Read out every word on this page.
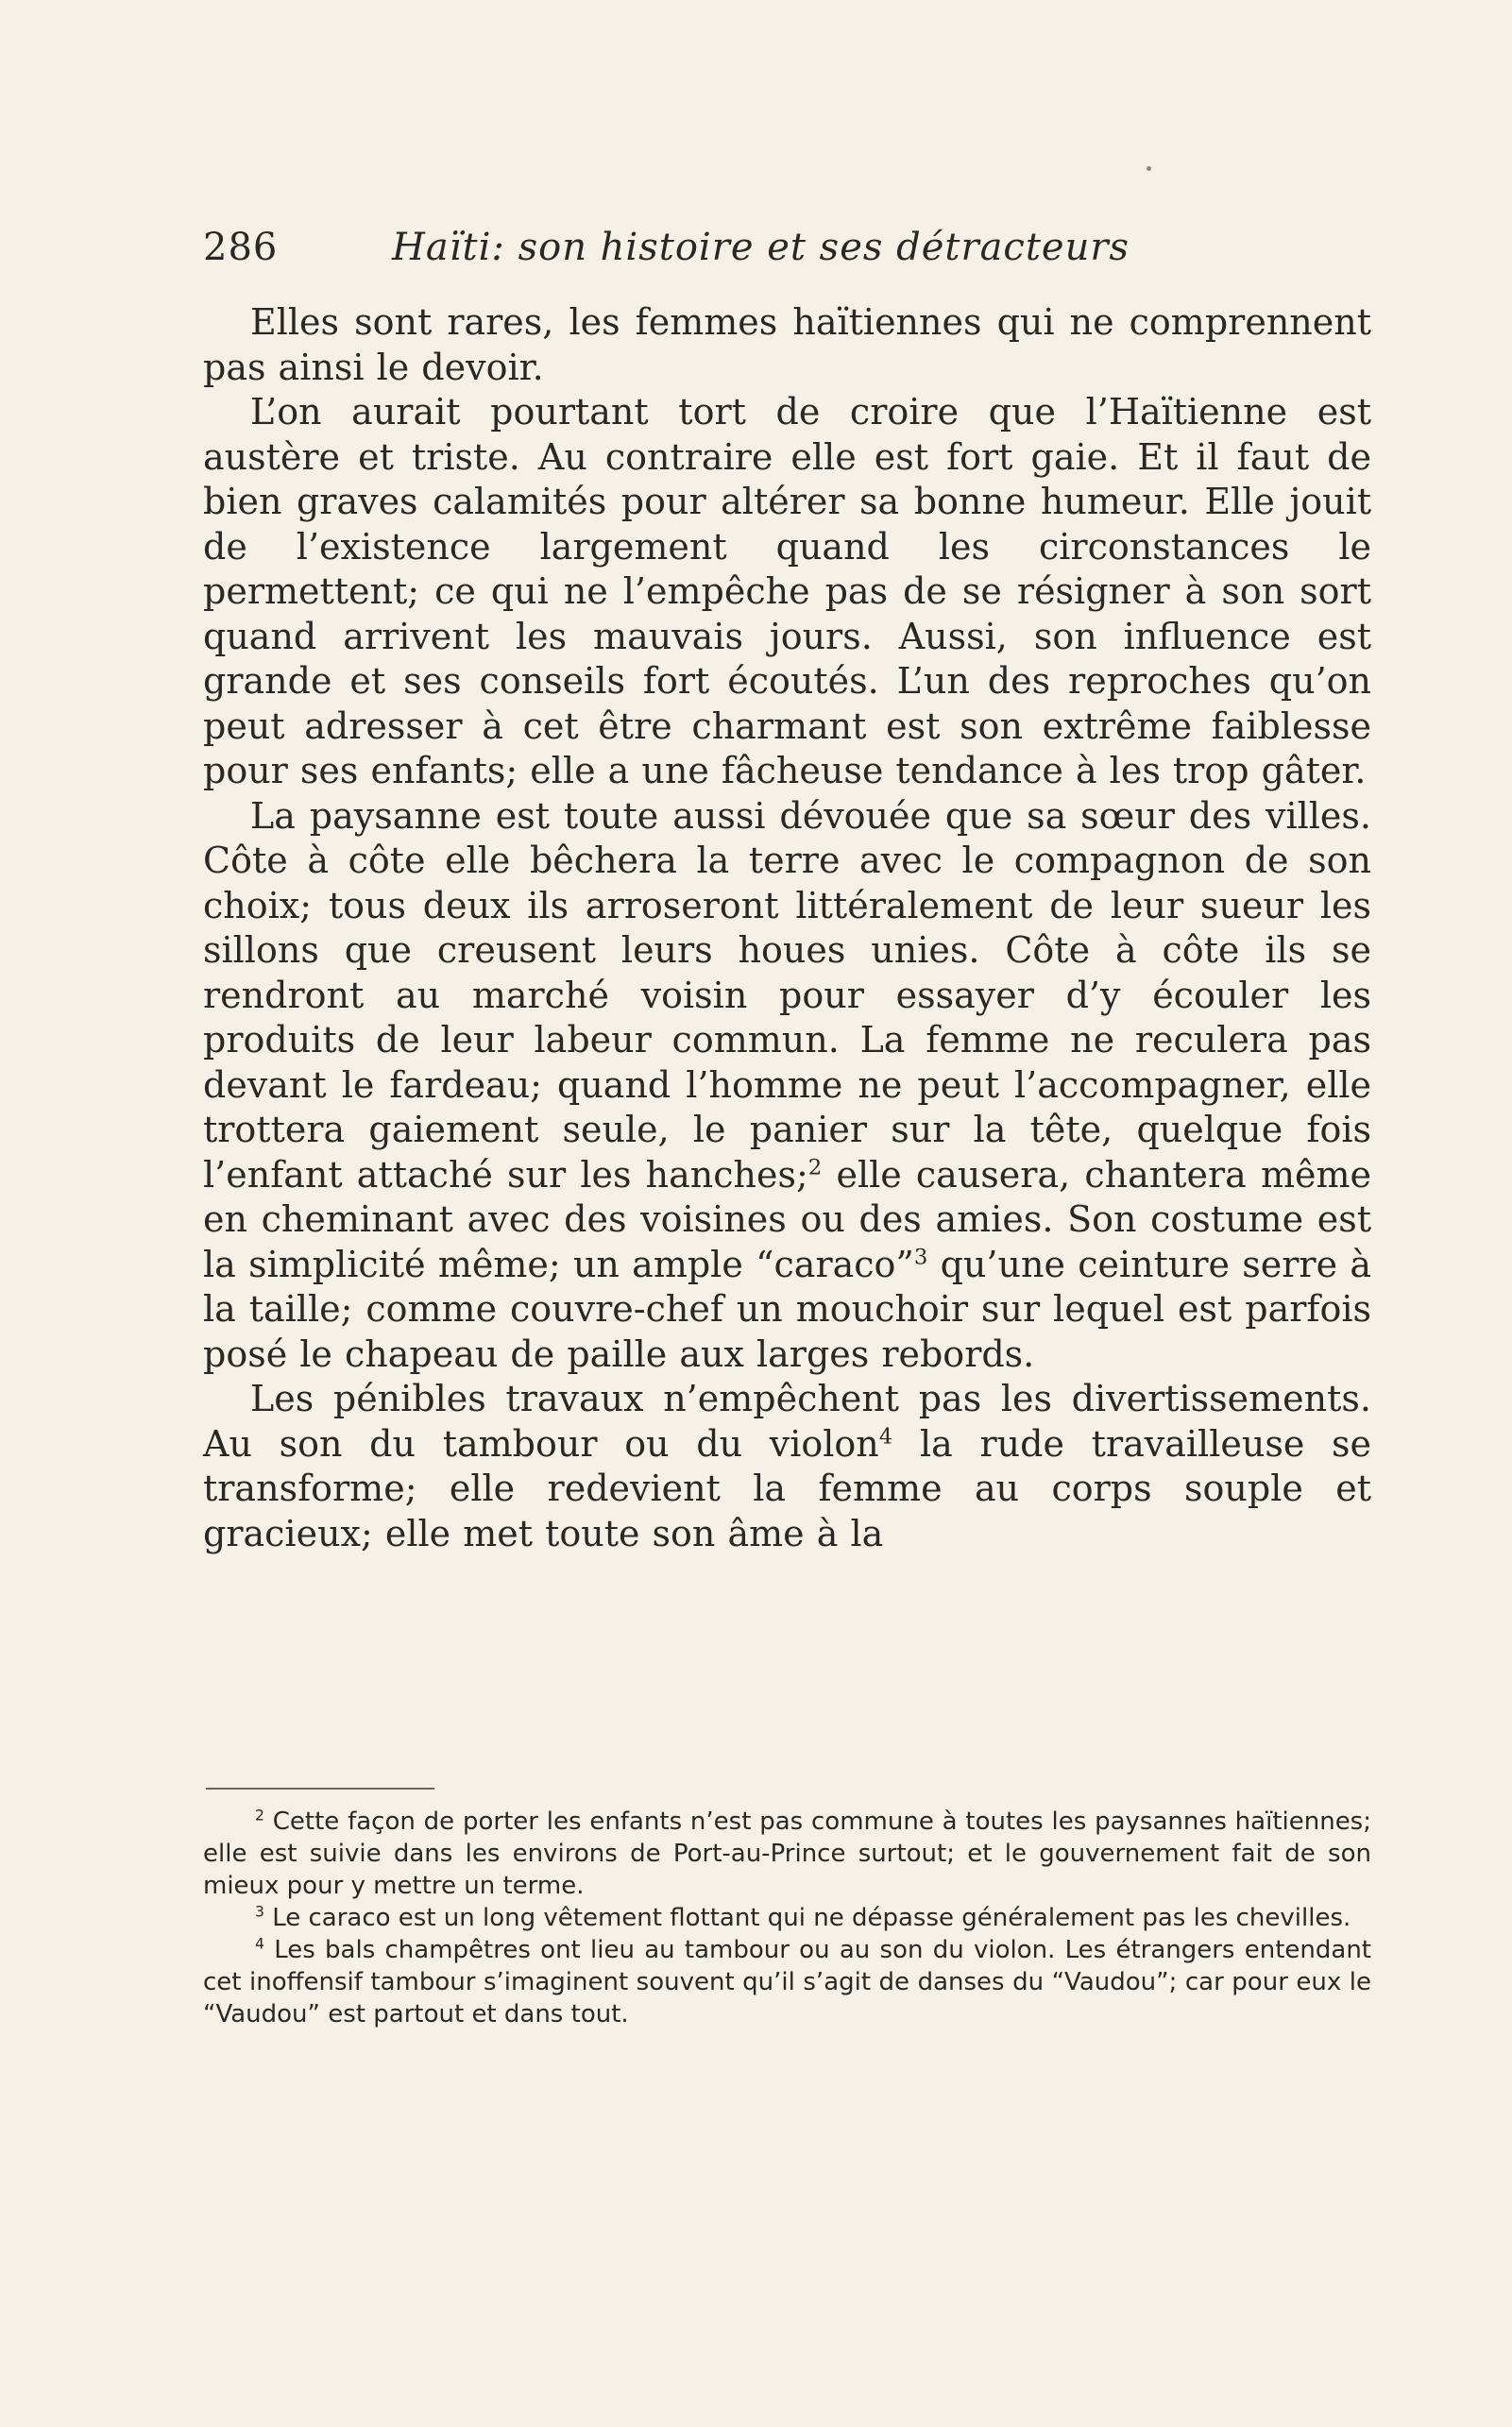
286	Haïti: son histoire et ses détracteurs

Elles sont rares, les femmes haïtiennes qui ne comprennent pas ainsi le devoir.

L’on aurait pourtant tort de croire que l’Haïtienne est austère et triste. Au contraire elle est fort gaie. Et il faut de bien graves calamités pour altérer sa bonne humeur. Elle jouit de l’existence largement quand les circonstances le permettent; ce qui ne l’empêche pas de se résigner à son sort quand arrivent les mauvais jours. Aussi, son influence est grande et ses conseils fort écoutés. L’un des reproches qu’on peut adresser à cet être charmant est son extrême faiblesse pour ses enfants; elle a une fâcheuse tendance à les trop gâter.

La paysanne est toute aussi dévouée que sa sœur des villes. Côte à côte elle bêchera la terre avec le compagnon de son choix; tous deux ils arroseront littéralement de leur sueur les sillons que creusent leurs houes unies. Côte à côte ils se rendront au marché voisin pour essayer d’y écouler les produits de leur labeur commun. La femme ne reculera pas devant le fardeau; quand l’homme ne peut l’accompagner, elle trottera gaiement seule, le panier sur la tête, quelque fois l’enfant attaché sur les hanches;$^2$ elle causera, chantera même en cheminant avec des voisines ou des amies. Son costume est la simplicité même; un ample “caraco”$^3$ qu’une ceinture serre à la taille; comme couvre-chef un mouchoir sur lequel est parfois posé le chapeau de paille aux larges rebords.

Les pénibles travaux n’empêchent pas les divertissements. Au son du tambour ou du violon$^4$ la rude travailleuse se transforme; elle redevient la femme au corps souple et gracieux; elle met toute son âme à la

$^2$ Cette façon de porter les enfants n’est pas commune à toutes les paysannes haïtiennes; elle est suivie dans les environs de Port-au-Prince surtout; et le gouvernement fait de son mieux pour y mettre un terme.

$^3$ Le caraco est un long vêtement flottant qui ne dépasse généralement pas les chevilles.

$^4$ Les bals champêtres ont lieu au tambour ou au son du violon. Les étrangers entendant cet inoffensif tambour s’imaginent souvent qu’il s’agit de danses du “Vaudou”; car pour eux le “Vaudou” est partout et dans tout.
